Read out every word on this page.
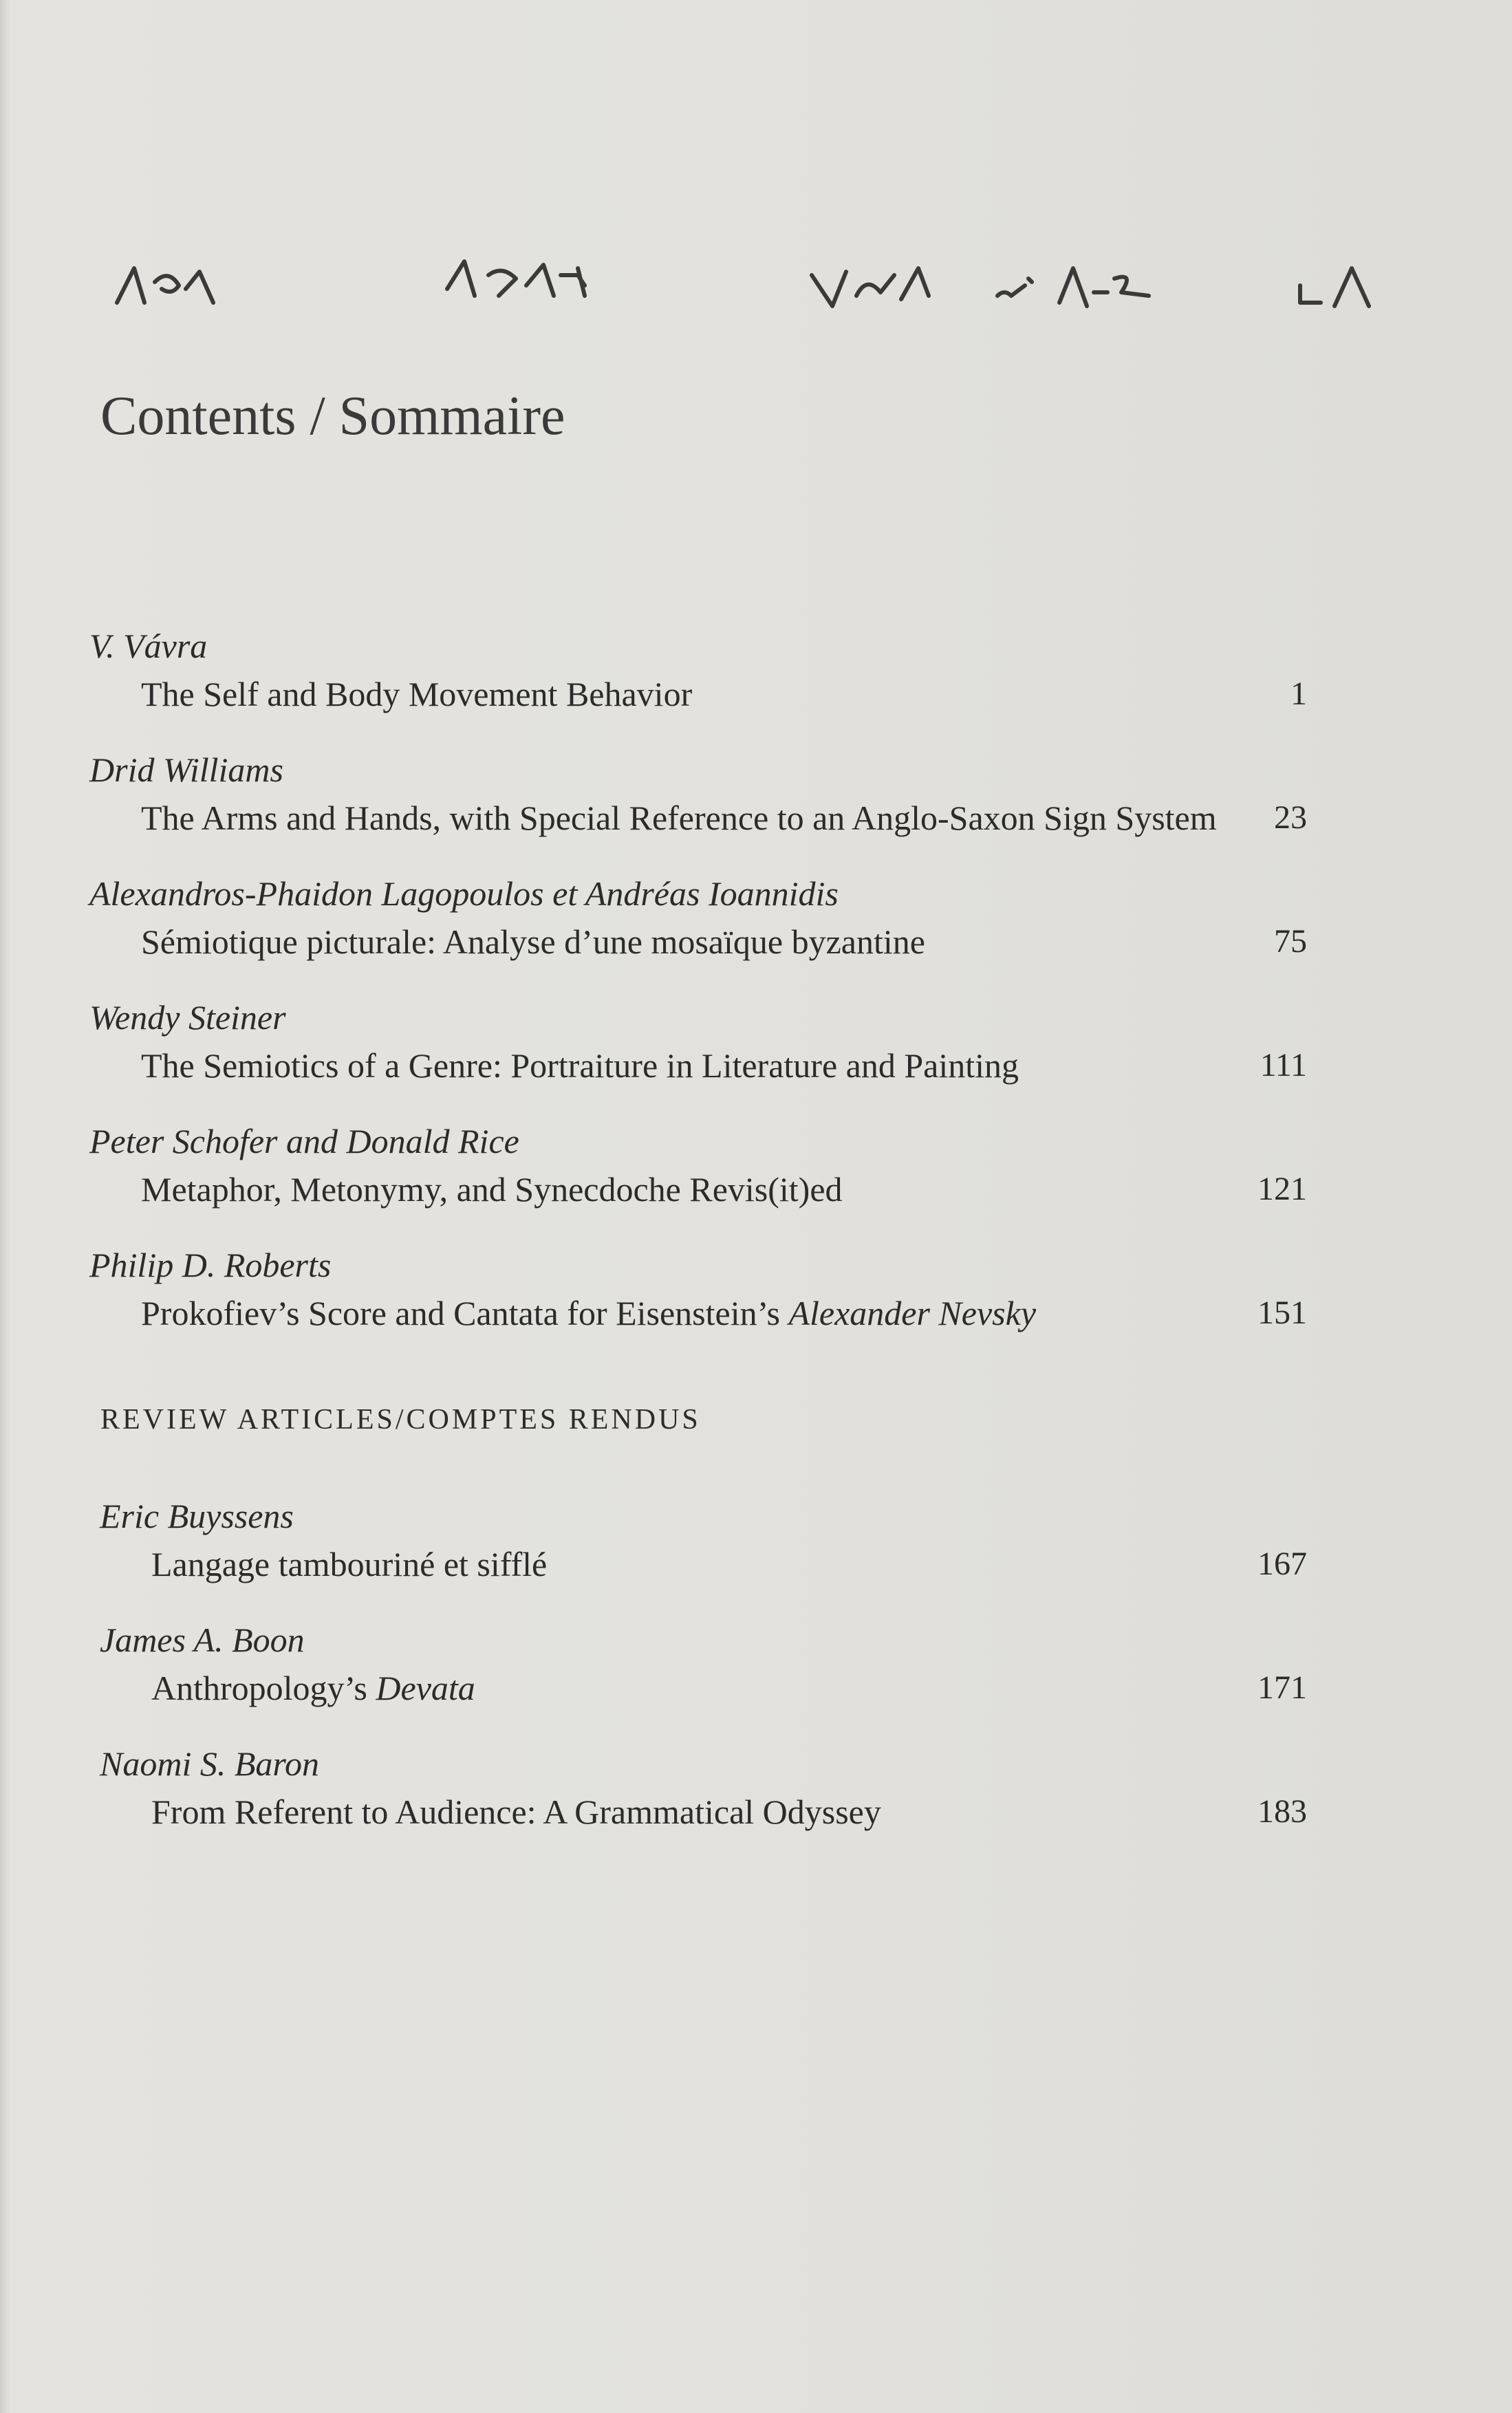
Contents / Sommaire
V. Vávra
The Self and Body Movement Behavior	1
Drid Williams
The Arms and Hands, with Special Reference to an Anglo-Saxon Sign System	23
Alexandros-Phaidon Lagopoulos et Andréas Ioannidis
Sémiotique picturale: Analyse d’une mosaïque byzantine	75
Wendy Steiner
The Semiotics of a Genre: Portraiture in Literature and Painting	111
Peter Schofer and Donald Rice
Metaphor, Metonymy, and Synecdoche Revis(it)ed	121
Philip D. Roberts
Prokofiev’s Score and Cantata for Eisenstein’s Alexander Nevsky	151
REVIEW ARTICLES/COMPTES RENDUS
Eric Buyssens
Langage tambouriné et sifflé	167
James A. Boon
Anthropology’s Devata	171
Naomi S. Baron
From Referent to Audience: A Grammatical Odyssey	183
